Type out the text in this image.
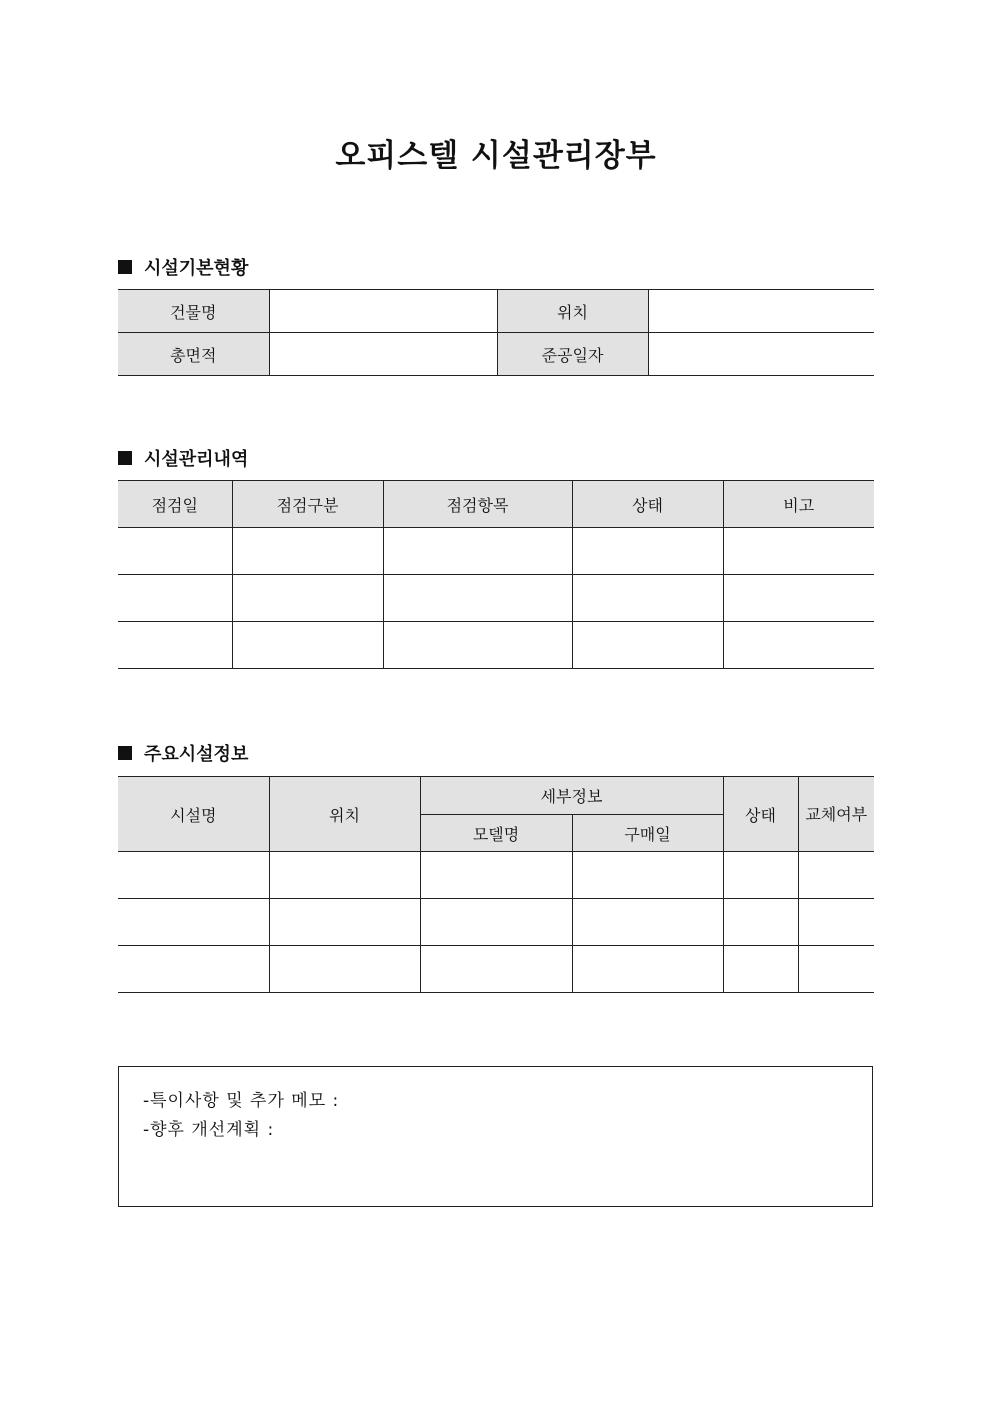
오피스텔 시설관리장부
시설기본현황
건물명		위치	
총면적		준공일자	
시설관리내역
점검일	점검구분	점검항목	상태	비고

주요시설정보
시설명	위치	세부정보		상태	교체여부
		모델명	구매일		

-특이사항 및 추가 메모 :
-향후 개선계획 :
